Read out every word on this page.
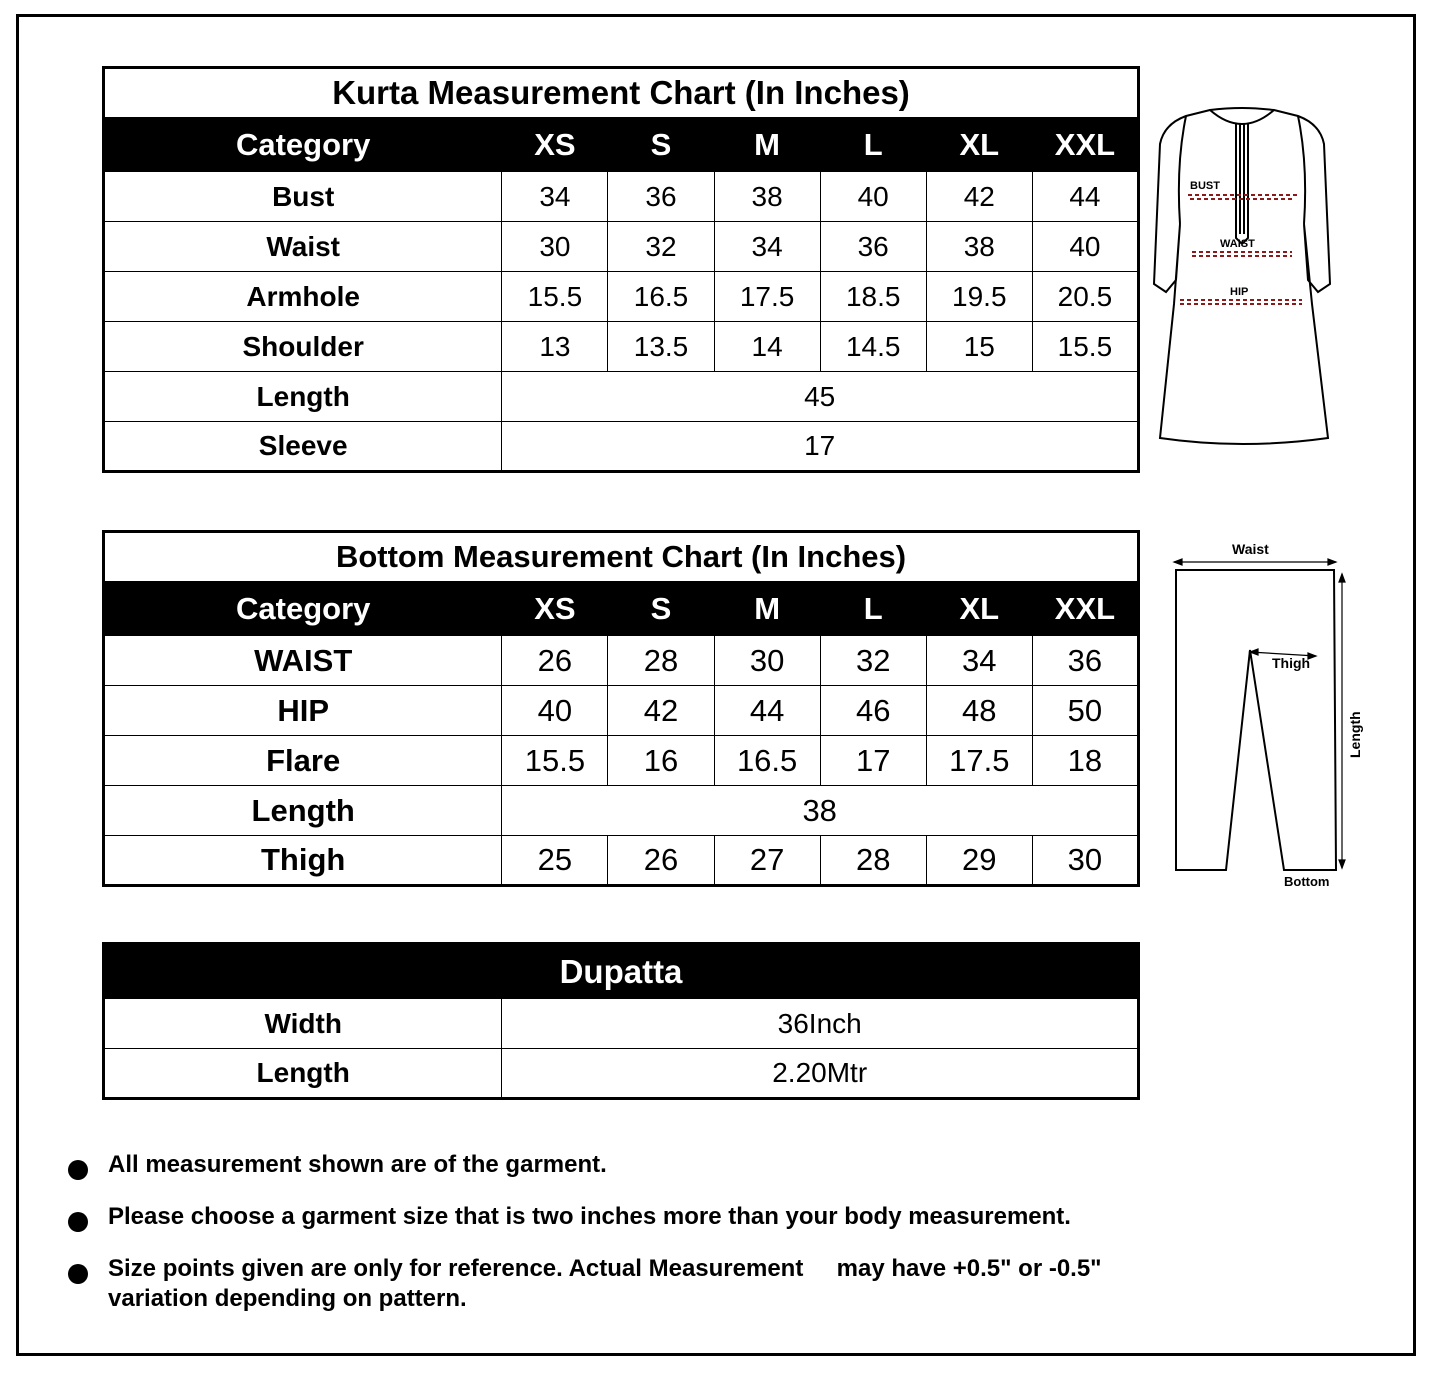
Kurta Measurement Chart (In Inches)						
Category	XS	S	M	L	XL	XXL
Bust	34	36	38	40	42	44
Waist	30	32	34	36	38	40
Armhole	15.5	16.5	17.5	18.5	19.5	20.5
Shoulder	13	13.5	14	14.5	15	15.5
Length	45					
Sleeve	17					
BUST
WAIST
HIP
Bottom Measurement Chart (In Inches)						
Category	XS	S	M	L	XL	XXL
WAIST	26	28	30	32	34	36
HIP	40	42	44	46	48	50
Flare	15.5	16	16.5	17	17.5	18
Length	38					
Thigh	25	26	27	28	29	30
Waist
Thigh
Length
Bottom
Dupatta	
Width	36Inch
Length	2.20Mtr
All measurement shown are of the garment.
Please choose a garment size that is two inches more than your body measurement.
Size points given are only for reference. Actual Measurement     may have +0.5" or -0.5" variation depending on pattern.
